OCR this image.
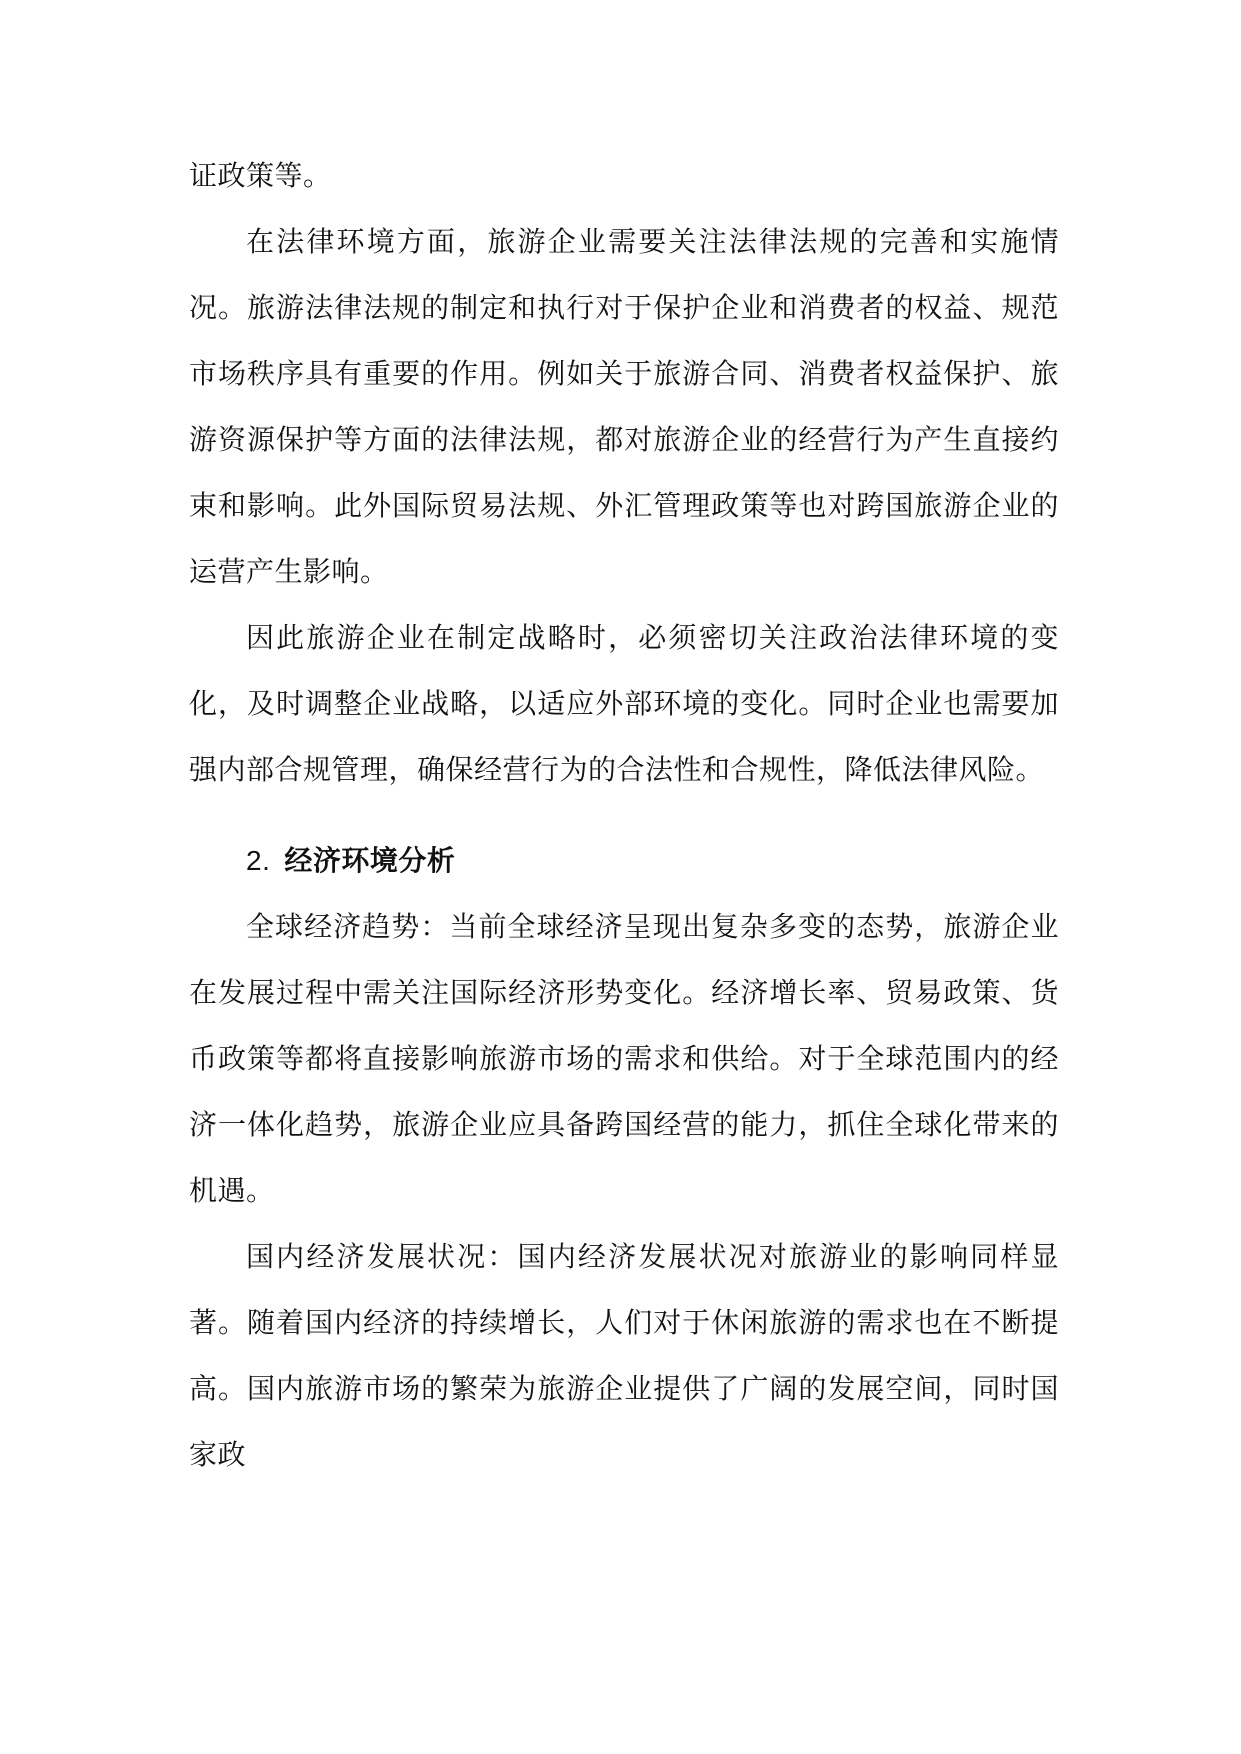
证政策等。

在法律环境方面，旅游企业需要关注法律法规的完善和实施情况。旅游法律法规的制定和执行对于保护企业和消费者的权益、规范市场秩序具有重要的作用。例如关于旅游合同、消费者权益保护、旅游资源保护等方面的法律法规，都对旅游企业的经营行为产生直接约束和影响。此外国际贸易法规、外汇管理政策等也对跨国旅游企业的运营产生影响。

因此旅游企业在制定战略时，必须密切关注政治法律环境的变化，及时调整企业战略，以适应外部环境的变化。同时企业也需要加强内部合规管理，确保经营行为的合法性和合规性，降低法律风险。

2. 经济环境分析

全球经济趋势：当前全球经济呈现出复杂多变的态势，旅游企业在发展过程中需关注国际经济形势变化。经济增长率、贸易政策、货币政策等都将直接影响旅游市场的需求和供给。对于全球范围内的经济一体化趋势，旅游企业应具备跨国经营的能力，抓住全球化带来的机遇。

国内经济发展状况：国内经济发展状况对旅游业的影响同样显著。随着国内经济的持续增长，人们对于休闲旅游的需求也在不断提高。国内旅游市场的繁荣为旅游企业提供了广阔的发展空间，同时国家政
